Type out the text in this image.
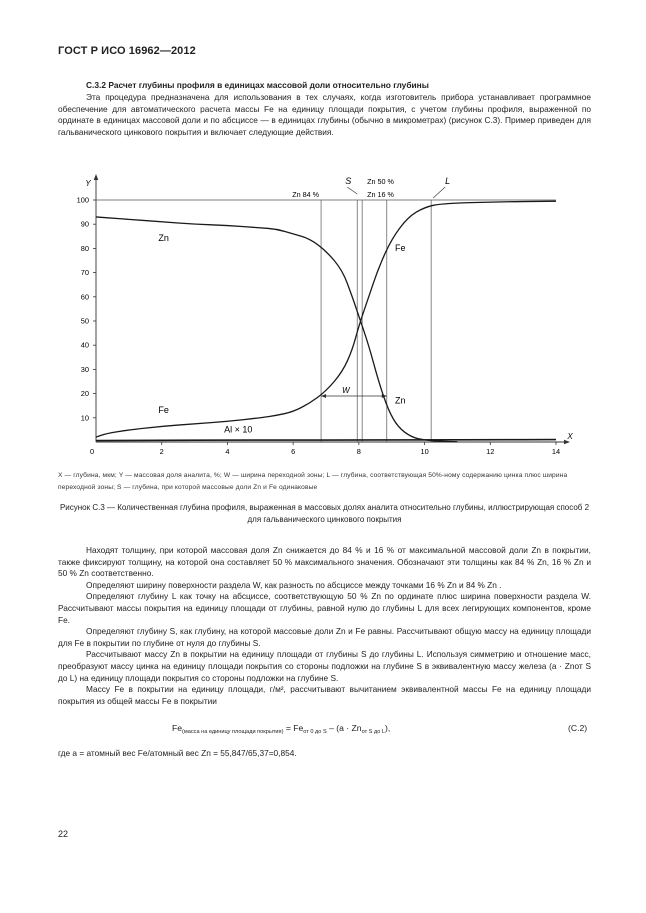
ГОСТ Р ИСО 16962—2012
С.3.2 Расчет глубины профиля в единицах массовой доли относительно глубины
Эта процедура предназначена для использования в тех случаях, когда изготовитель прибора устанавливает программное обеспечение для автоматического расчета массы Fe на единицу площади покрытия, с учетом глубины профиля, выраженной по ординате в единицах массовой доли и по абсциссе — в единицах глубины (обычно в микрометрах) (рисунок С.3). Пример приведен для гальванического цинкового покрытия и включает следующие действия.
X
Y
0	2	4	6	8	10	12	14
10
20
30
40
50
60
70
80
90
100
Zn 84 %
S Zn 50 %
Zn 16 %
L
W
Zn
Fe
Fe
Zn
Al × 10
X — глубина, мкм; Y — массовая доля аналита, %; W — ширина переходной зоны; L — глубина, соответствующая 50%-ному содержанию цинка плюс ширина переходной зоны; S — глубина, при которой массовые доли Zn и Fe одинаковые
Рисунок С.3 — Количественная глубина профиля, выраженная в массовых долях аналита относительно глубины, иллюстрирующая способ 2 для гальванического цинкового покрытия

Находят толщину, при которой массовая доля Zn снижается до 84 % и 16 % от максимальной массовой доли Zn в покрытии, также фиксируют толщину, на которой она составляет 50 % максимального значения. Обозначают эти толщины как 84 % Zn, 16 % Zn и 50 % Zn соответственно.

Определяют ширину поверхности раздела W, как разность по абсциссе между точками 16 % Zn и 84 % Zn .

Определяют глубину L как точку на абсциссе, соответствующую 50 % Zn по ординате плюс ширина поверхности раздела W. Рассчитывают массы покрытия на единицу площади от глубины, равной нулю до глубины L для всех легирующих компонентов, кроме Fe.

Определяют глубину S, как глубину, на которой массовые доли Zn и Fe равны. Рассчитывают общую массу на единицу площади для Fe в покрытии по глубине от нуля до глубины S.

Рассчитывают массу Zn в покрытии на единицу площади от глубины S до глубины L. Используя симметрию и отношение масс, преобразуют массу цинка на единицу площади покрытия со стороны подложки на глубине S в эквивалентную массу железа (a · Znот S до L) на единицу площади покрытия со стороны подложки на глубине S.

Массу Fe в покрытии на единицу площади, г/м², рассчитывают вычитанием эквивалентной массы Fe на единицу площади покрытия из общей массы Fe в покрытии

$Fe_{(масса на единицу площади покрытия)} = Fe_{от 0 до S} - (a \cdot Zn_{от S до L})$,	(С.2)
где a = атомный вес Fe/атомный вес Zn = 55,847/65,37=0,854.
22
